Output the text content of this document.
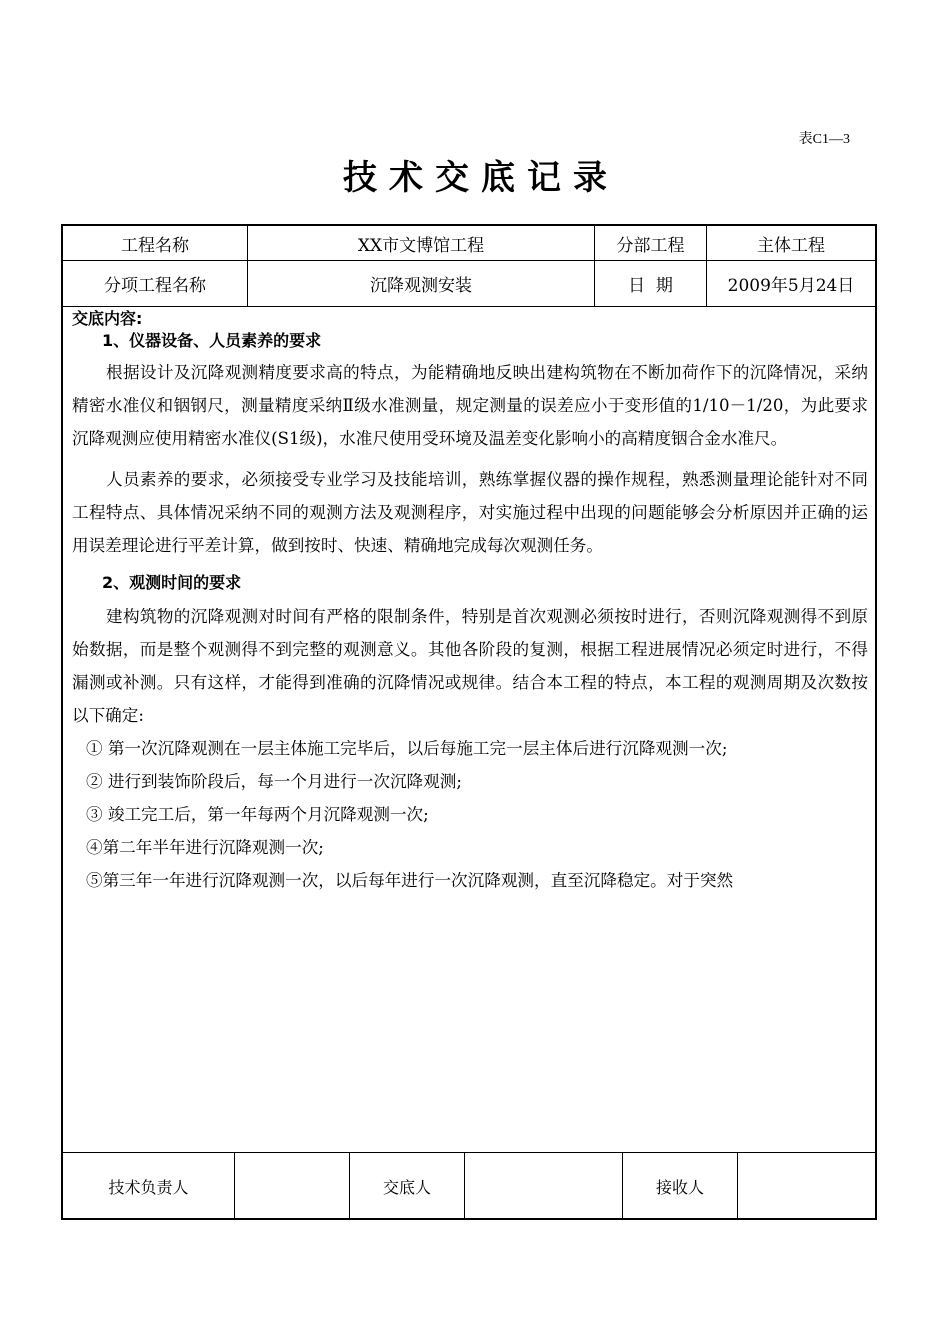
表C1—3
技术交底记录
工程名称	XX市文博馆工程	分部工程	主体工程
分项工程名称	沉降观测安装	日  期	2009年5月24日
交底内容:
1、仪器设备、人员素养的要求
根据设计及沉降观测精度要求高的特点，为能精确地反映出建构筑物在不断加荷作下的沉降情况，采纳精密水准仪和铟钢尺，测量精度采纳Ⅱ级水准测量，规定测量的误差应小于变形值的1/10－1/20，为此要求沉降观测应使用精密水准仪(S1级)，水准尺使用受环境及温差变化影响小的高精度铟合金水准尺。
人员素养的要求，必须接受专业学习及技能培训，熟练掌握仪器的操作规程，熟悉测量理论能针对不同工程特点、具体情况采纳不同的观测方法及观测程序，对实施过程中出现的问题能够会分析原因并正确的运用误差理论进行平差计算，做到按时、快速、精确地完成每次观测任务。
2、观测时间的要求
建构筑物的沉降观测对时间有严格的限制条件，特别是首次观测必须按时进行，否则沉降观测得不到原始数据，而是整个观测得不到完整的观测意义。其他各阶段的复测，根据工程进展情况必须定时进行，不得漏测或补测。只有这样，才能得到准确的沉降情况或规律。结合本工程的特点，本工程的观测周期及次数按以下确定:
① 第一次沉降观测在一层主体施工完毕后，以后每施工完一层主体后进行沉降观测一次;
② 进行到装饰阶段后，每一个月进行一次沉降观测;
③ 竣工完工后，第一年每两个月沉降观测一次;
④第二年半年进行沉降观测一次;
⑤第三年一年进行沉降观测一次，以后每年进行一次沉降观测，直至沉降稳定。对于突然
技术负责人	交底人	接收人
